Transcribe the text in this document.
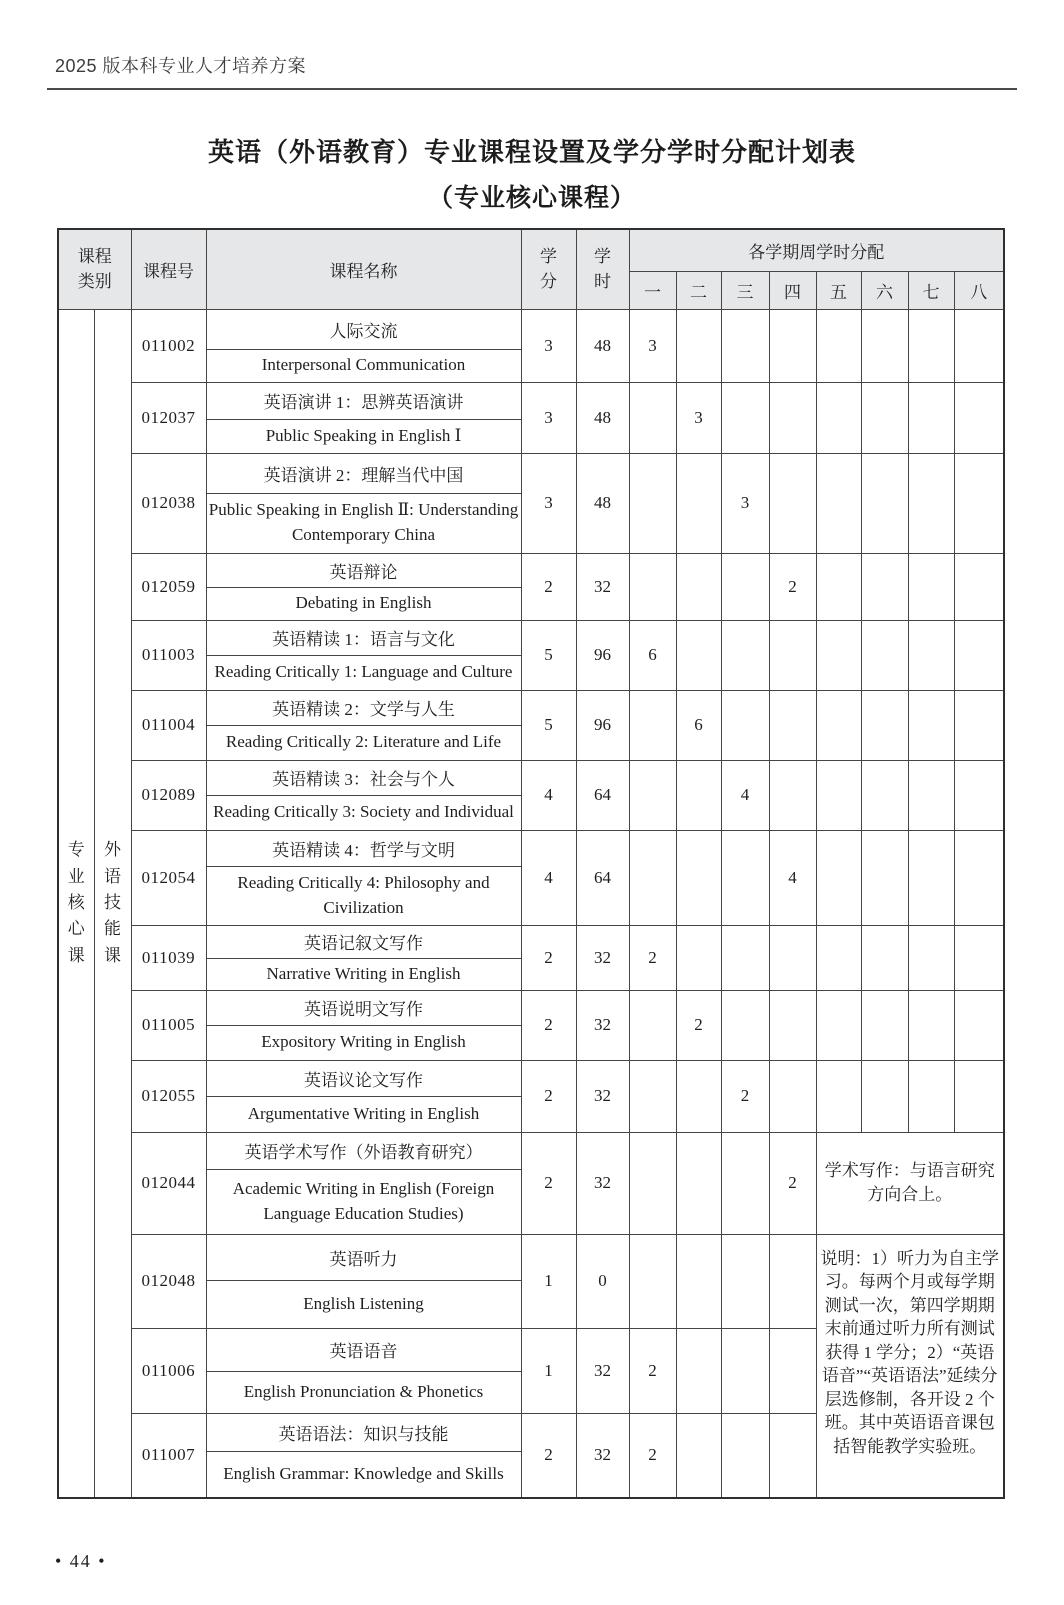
2025 版本科专业人才培养方案
英语（外语教育）专业课程设置及学分学时分配计划表
（专业核心课程）
课程类别		课程号	课程名称	学分	学时	各学期周学时分配							
						一	二	三	四	五	六	七	八
专业核心课	外语技能课	011002	人际交流	3	48	3							
			Interpersonal Communication										
		012037	英语演讲 1：思辨英语演讲	3	48		3						
			Public Speaking in English Ⅰ										
		012038	英语演讲 2：理解当代中国	3	48			3					
			Public Speaking in English Ⅱ: Understanding Contemporary China										
		012059	英语辩论	2	32				2				
			Debating in English										
		011003	英语精读 1：语言与文化	5	96	6							
			Reading Critically 1: Language and Culture										
		011004	英语精读 2：文学与人生	5	96		6						
			Reading Critically 2: Literature and Life										
		012089	英语精读 3：社会与个人	4	64			4					
			Reading Critically 3: Society and Individual										
		012054	英语精读 4：哲学与文明	4	64				4				
			Reading Critically 4: Philosophy and Civilization										
		011039	英语记叙文写作	2	32	2							
			Narrative Writing in English										
		011005	英语说明文写作	2	32		2						
			Expository Writing in English										
		012055	英语议论文写作	2	32			2					
			Argumentative Writing in English										
		012044	英语学术写作（外语教育研究）	2	32				2	学术写作：与语言研究方向合上。			
			Academic Writing in English (Foreign Language Education Studies)										
		012048	英语听力	1	0					说明：1）听力为自主学习。每两个月或每学期测试一次，第四学期期末前通过听力所有测试获得 1 学分；2）“英语语音”“英语语法”延续分层选修制，各开设 2 个班。其中英语语音课包括智能教学实验班。			
			English Listening										
		011006	英语语音	1	32	2							
			English Pronunciation & Phonetics										
		011007	英语语法：知识与技能	2	32	2							
			English Grammar: Knowledge and Skills										
• 44 •
